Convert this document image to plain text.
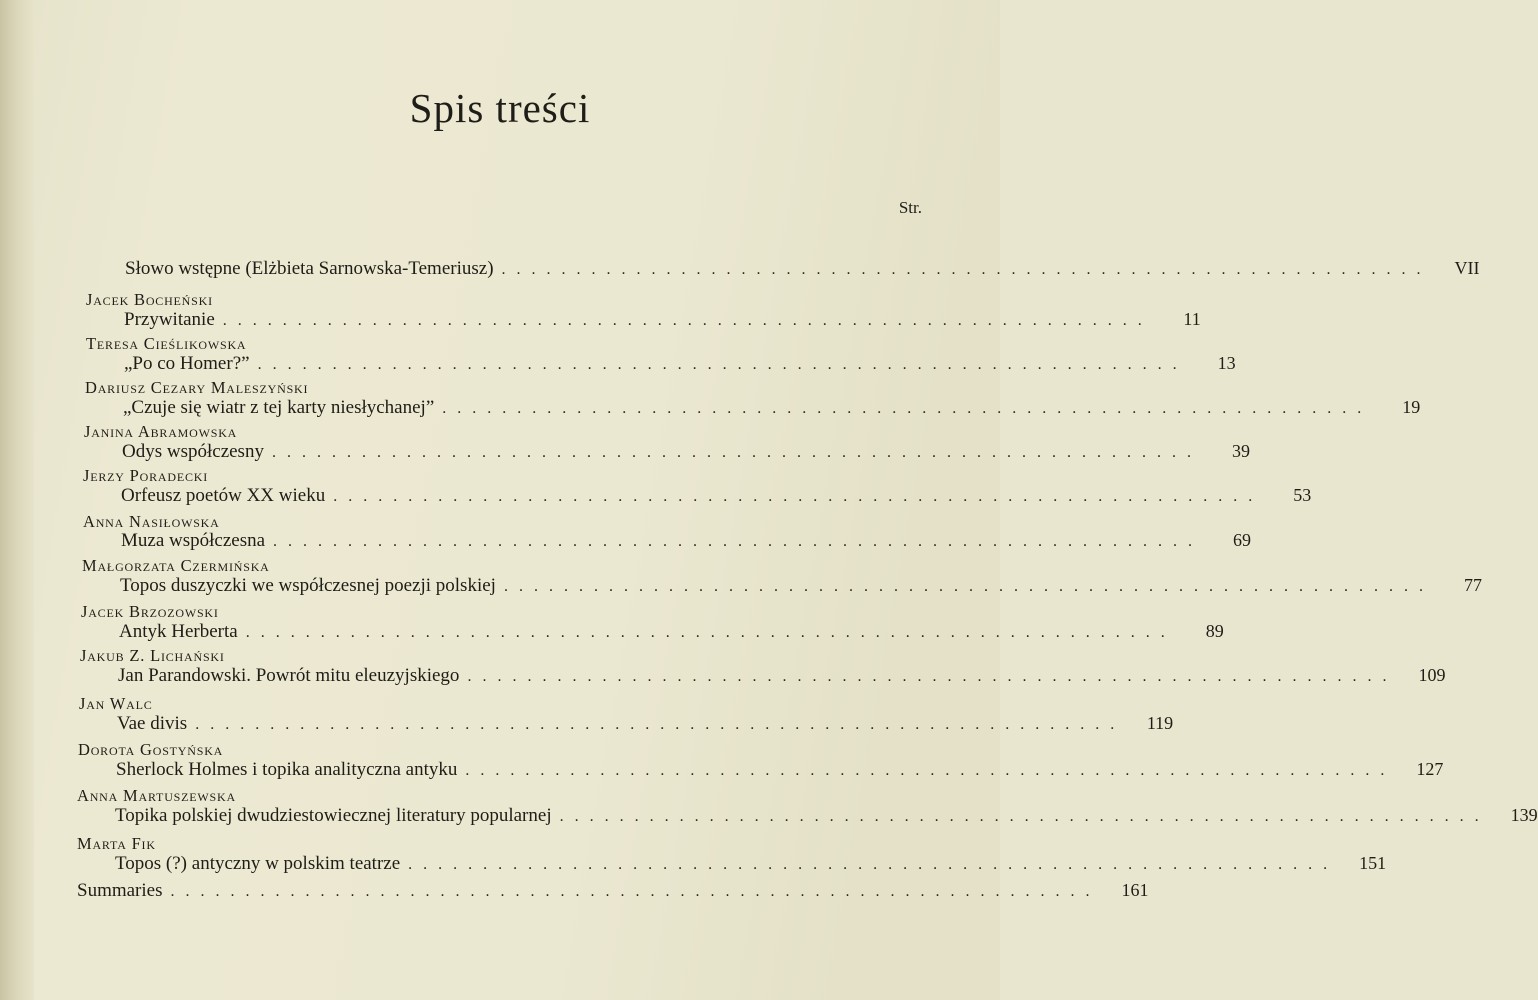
Spis treści
Str.
Słowo wstępne (Elżbieta Sarnowska-Temeriusz) ..............................................................	VII
Jacek Bocheński
Przywitanie ..............................................................	11
Teresa Cieślikowska
„Po co Homer?” ..............................................................	13
Dariusz Cezary Maleszyński
„Czuje się wiatr z tej karty niesłychanej” ..............................................................	19
Janina Abramowska
Odys współczesny ..............................................................	39
Jerzy Poradecki
Orfeusz poetów XX wieku ..............................................................	53
Anna Nasiłowska
Muza współczesna ..............................................................	69
Małgorzata Czermińska
Topos duszyczki we współczesnej poezji polskiej ..............................................................	77
Jacek Brzozowski
Antyk Herberta ..............................................................	89
Jakub Z. Lichański
Jan Parandowski. Powrót mitu eleuzyjskiego ..............................................................	109
Jan Walc
Vae divis ..............................................................	119
Dorota Gostyńska
Sherlock Holmes i topika analityczna antyku ..............................................................	127
Anna Martuszewska
Topika polskiej dwudziestowiecznej literatury popularnej ..............................................................	139
Marta Fik
Topos (?) antyczny w polskim teatrze ..............................................................	151
Summaries ..............................................................	161
